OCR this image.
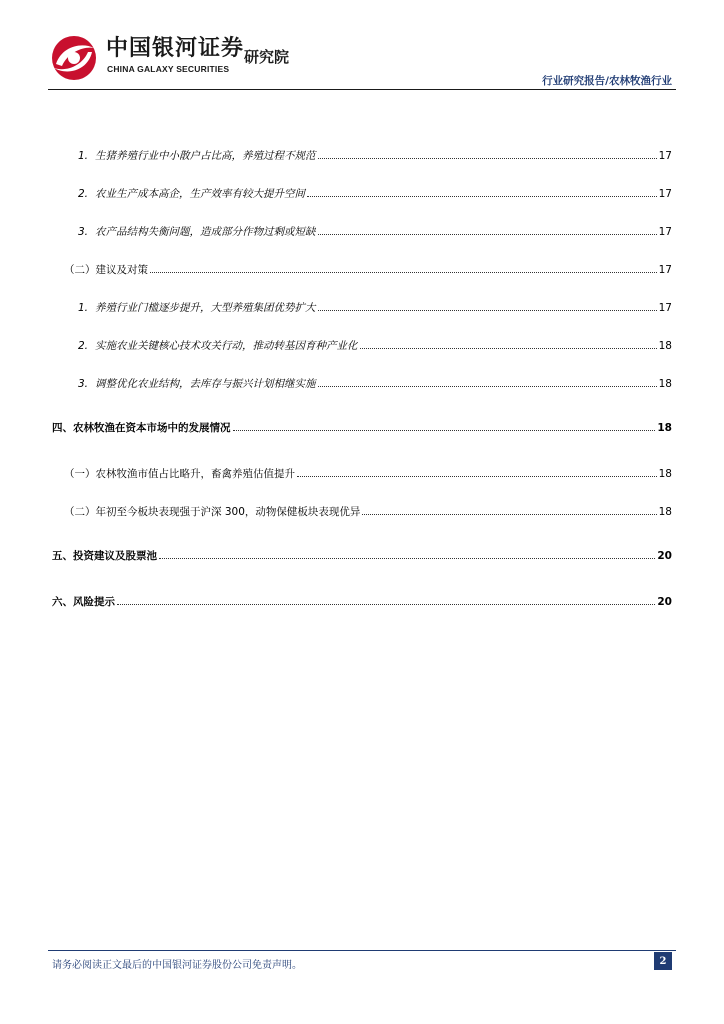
中国银河证券
CHINA GALAXY SECURITIES
研究院
行业研究报告/农林牧渔行业
1. 生猪养殖行业中小散户占比高，养殖过程不规范	17
2. 农业生产成本高企，生产效率有较大提升空间	17
3. 农产品结构失衡问题，造成部分作物过剩或短缺	17
（二）建议及对策	17
1. 养殖行业门槛逐步提升，大型养殖集团优势扩大	17
2. 实施农业关键核心技术攻关行动，推动转基因育种产业化	18
3. 调整优化农业结构，去库存与振兴计划相继实施	18
四、农林牧渔在资本市场中的发展情况	18
（一）农林牧渔市值占比略升，畜禽养殖估值提升	18
（二）年初至今板块表现强于沪深 300，动物保健板块表现优异	18
五、投资建议及股票池	20
六、风险提示	20
请务必阅读正文最后的中国银河证券股份公司免责声明。	2
